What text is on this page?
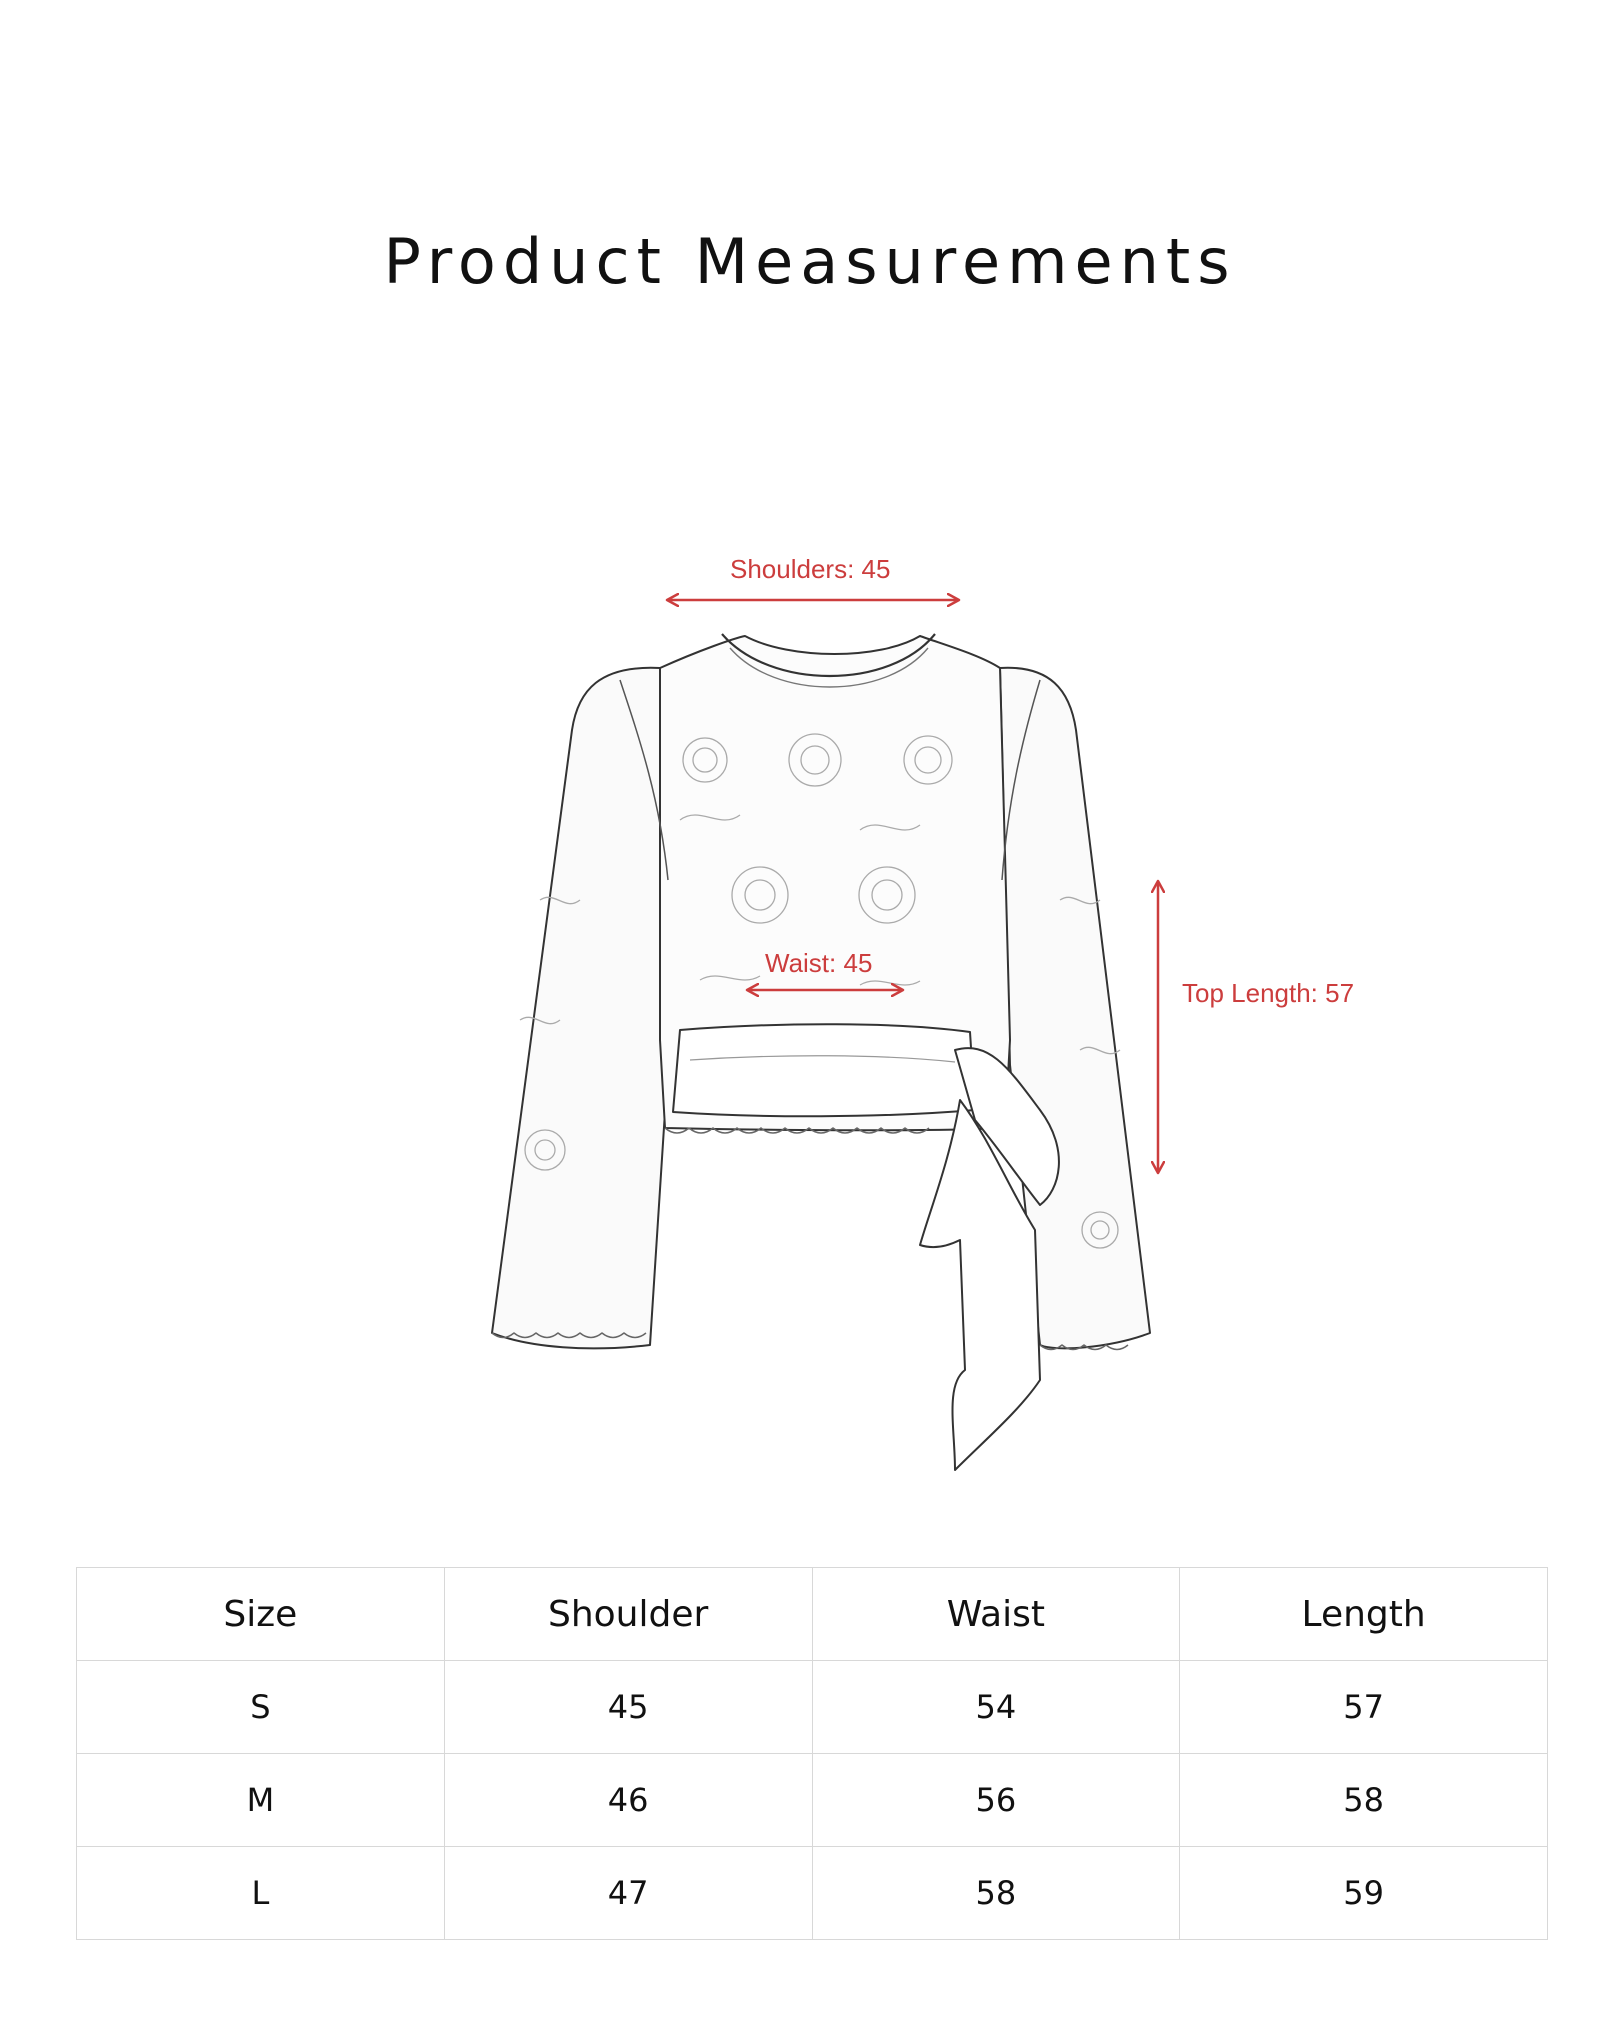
Product Measurements
Shoulders: 45
Waist: 45
Top Length: 57
Size	Shoulder	Waist	Length
S	45	54	57
M	46	56	58
L	47	58	59
